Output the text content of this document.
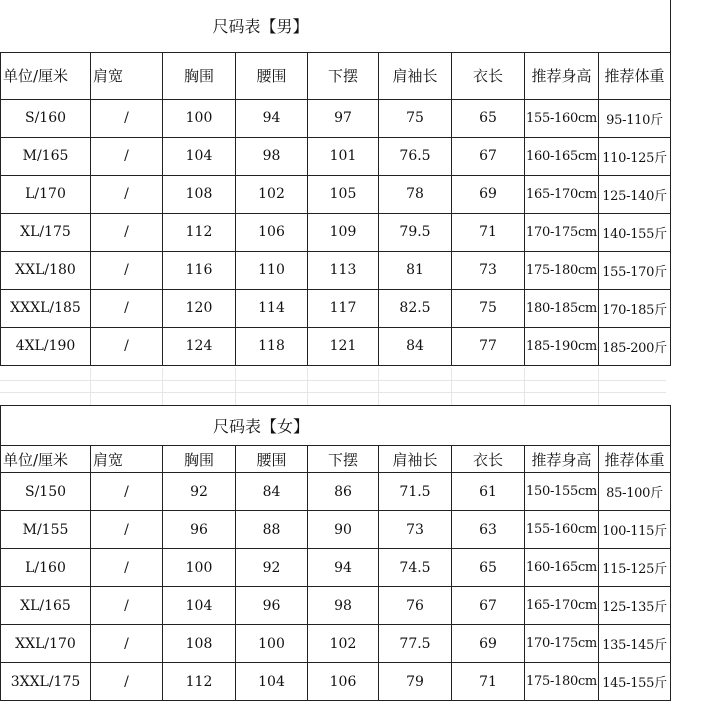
尺码表【男】								
单位/厘米	肩宽	胸围	腰围	下摆	肩袖长	衣长	推荐身高	推荐体重
S/160	/	100	94	97	75	65	155-160cm	95-110斤
M/165	/	104	98	101	76.5	67	160-165cm	110-125斤
L/170	/	108	102	105	78	69	165-170cm	125-140斤
XL/175	/	112	106	109	79.5	71	170-175cm	140-155斤
XXL/180	/	116	110	113	81	73	175-180cm	155-170斤
XXXL/185	/	120	114	117	82.5	75	180-185cm	170-185斤
4XL/190	/	124	118	121	84	77	185-190cm	185-200斤
尺码表【女】								
单位/厘米	肩宽	胸围	腰围	下摆	肩袖长	衣长	推荐身高	推荐体重
S/150	/	92	84	86	71.5	61	150-155cm	85-100斤
M/155	/	96	88	90	73	63	155-160cm	100-115斤
L/160	/	100	92	94	74.5	65	160-165cm	115-125斤
XL/165	/	104	96	98	76	67	165-170cm	125-135斤
XXL/170	/	108	100	102	77.5	69	170-175cm	135-145斤
3XXL/175	/	112	104	106	79	71	175-180cm	145-155斤
